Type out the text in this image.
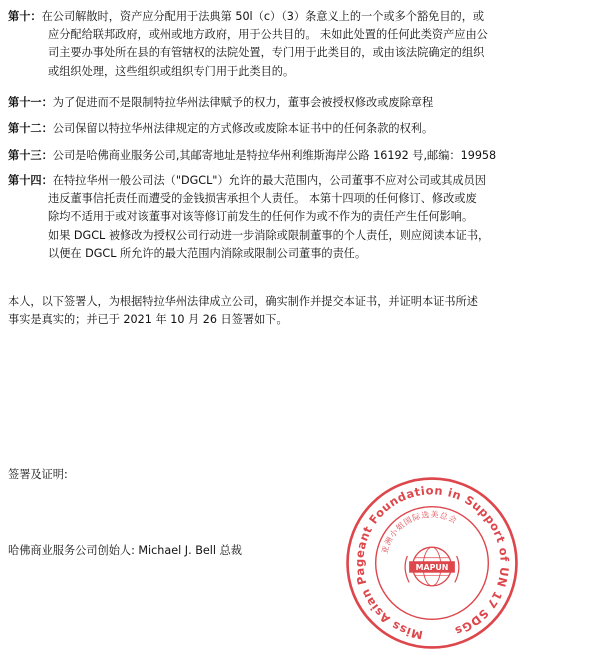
第十：在公司解散时，资产应分配用于法典第 50l（c）（3）条意义上的一个或多个豁免目的，或
应分配给联邦政府，或州或地方政府，用于公共目的。 未如此处置的任何此类资产应由公
司主要办事处所在县的有管辖权的法院处置，专门用于此类目的，或由该法院确定的组织
或组织处理，这些组织或组织专门用于此类目的。
第十一：为了促进而不是限制特拉华州法律赋予的权力，董事会被授权修改或废除章程
第十二：公司保留以特拉华州法律规定的方式修改或废除本证书中的任何条款的权利。
第十三：公司是哈佛商业服务公司,其邮寄地址是特拉华州利维斯海岸公路 16192 号,邮编：19958
第十四：在特拉华州一般公司法（"DGCL"）允许的最大范围内，公司董事不应对公司或其成员因
违反董事信托责任而遭受的金钱损害承担个人责任。 本第十四项的任何修订、修改或废
除均不适用于或对该董事对该等修订前发生的任何作为或不作为的责任产生任何影响。
如果 DGCL 被修改为授权公司行动进一步消除或限制董事的个人责任，则应阅读本证书，
以便在 DGCL 所允许的最大范围内消除或限制公司董事的责任。
本人，以下签署人，为根据特拉华州法律成立公司，确实制作并提交本证书，并证明本证书所述
事实是真实的；并已于 2021 年 10 月 26 日签署如下。
签署及证明:
哈佛商业服务公司创始人: Michael J. Bell 总裁
Miss Asian Pageant Foundation in Support of UN 17 SDGs
亚洲小姐国际选美总会
MAPUN
